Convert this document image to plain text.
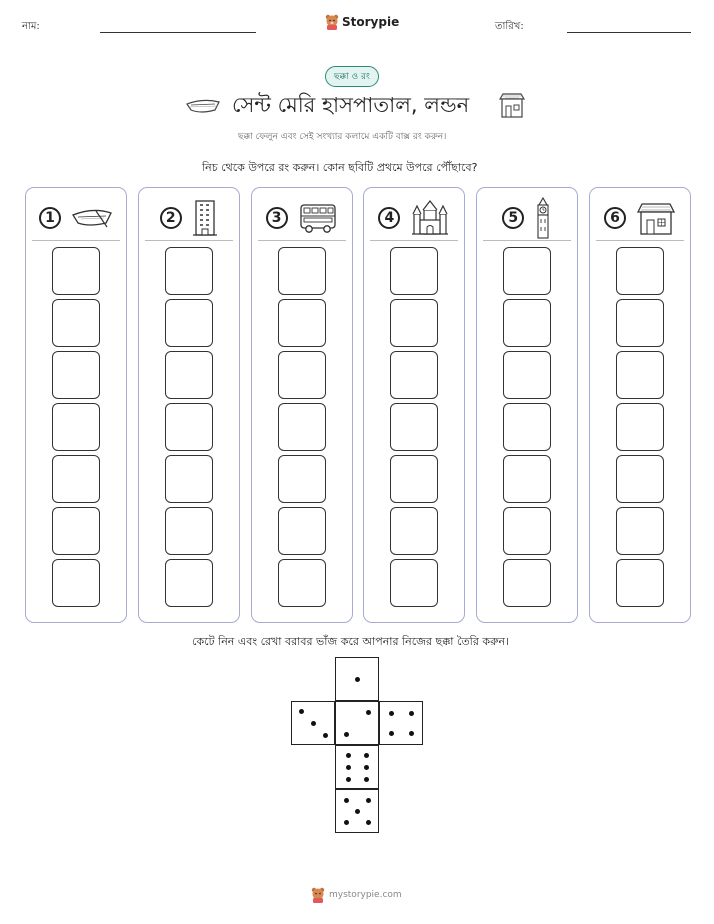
নাম:	Storypie	তারিখ:
ছক্কা ও রং
সেন্ট মেরি হাসপাতাল, লন্ডন
ছক্কা ফেলুন এবং সেই সংখ্যার কলামে একটি বাক্স রং করুন।
নিচ থেকে উপরে রং করুন। কোন ছবিটি প্রথমে উপরে পৌঁছাবে?
1	2	3	4	5	6
কেটে নিন এবং রেখা বরাবর ভাঁজ করে আপনার নিজের ছক্কা তৈরি করুন।
mystorypie.com
